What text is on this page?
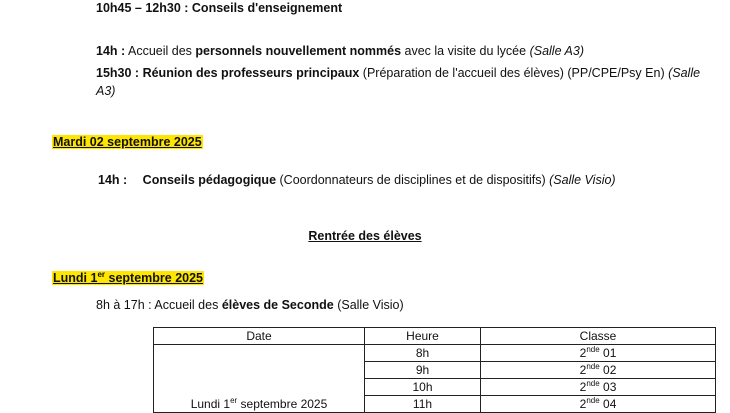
10h45 – 12h30 : Conseils d'enseignement
14h : Accueil des personnels nouvellement nommés avec la visite du lycée (Salle A3)
15h30 : Réunion des professeurs principaux (Préparation de l'accueil des élèves) (PP/CPE/Psy En) (Salle
A3)
Mardi 02 septembre 2025
14h : Conseils pédagogique (Coordonnateurs de disciplines et de dispositifs) (Salle Visio)
Rentrée des élèves
Lundi 1er septembre 2025
8h à 17h : Accueil des élèves de Seconde (Salle Visio)
Date	Heure	Classe
Lundi 1er septembre 2025	8h	2nde 01
	9h	2nde 02
	10h	2nde 03
	11h	2nde 04
